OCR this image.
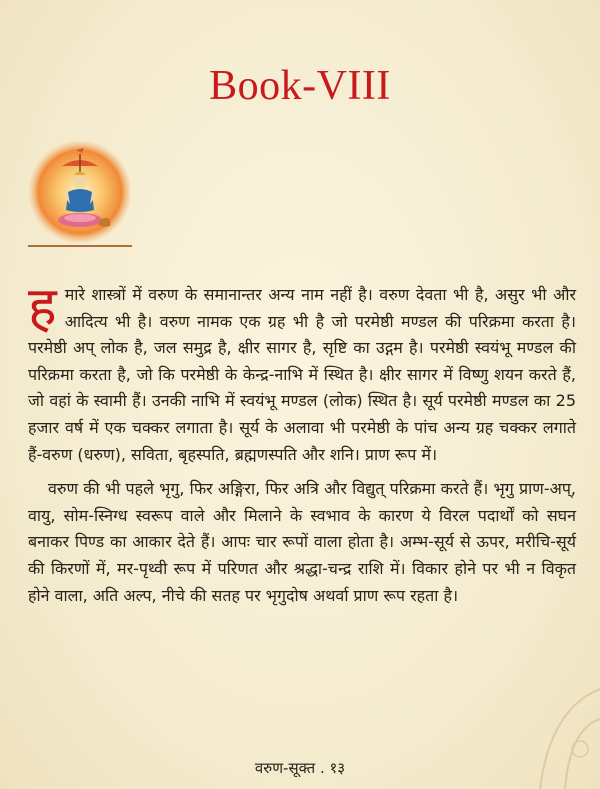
Book-VIII

हमारे शास्त्रों में वरुण के समानान्तर अन्य नाम नहीं है। वरुण देवता भी है, असुर भी और आदित्य भी है। वरुण नामक एक ग्रह भी है जो परमेष्ठी मण्डल की परिक्रमा करता है। परमेष्ठी अप् लोक है, जल समुद्र है, क्षीर सागर है, सृष्टि का उद्गम है। परमेष्ठी स्वयंभू मण्डल की परिक्रमा करता है, जो कि परमेष्ठी के केन्द्र-नाभि में स्थित है। क्षीर सागर में विष्णु शयन करते हैं, जो वहां के स्वामी हैं। उनकी नाभि में स्वयंभू मण्डल (लोक) स्थित है। सूर्य परमेष्ठी मण्डल का 25 हजार वर्ष में एक चक्कर लगाता है। सूर्य के अलावा भी परमेष्ठी के पांच अन्य ग्रह चक्कर लगाते हैं-वरुण (धरुण), सविता, बृहस्पति, ब्रह्मणस्पति और शनि। प्राण रूप में।

वरुण की भी पहले भृगु, फिर अङ्गिरा, फिर अत्रि और विद्युत् परिक्रमा करते हैं। भृगु प्राण-अप्, वायु, सोम-स्निग्ध स्वरूप वाले और मिलाने के स्वभाव के कारण ये विरल पदार्थों को सघन बनाकर पिण्ड का आकार देते हैं। आपः चार रूपों वाला होता है। अम्भ-सूर्य से ऊपर, मरीचि-सूर्य की किरणों में, मर-पृथ्वी रूप में परिणत और श्रद्धा-चन्द्र राशि में। विकार होने पर भी न विकृत होने वाला, अति अल्प, नीचे की सतह पर भृगुदोष अथर्वा प्राण रूप रहता है।

वरुण-सूक्त . १३
